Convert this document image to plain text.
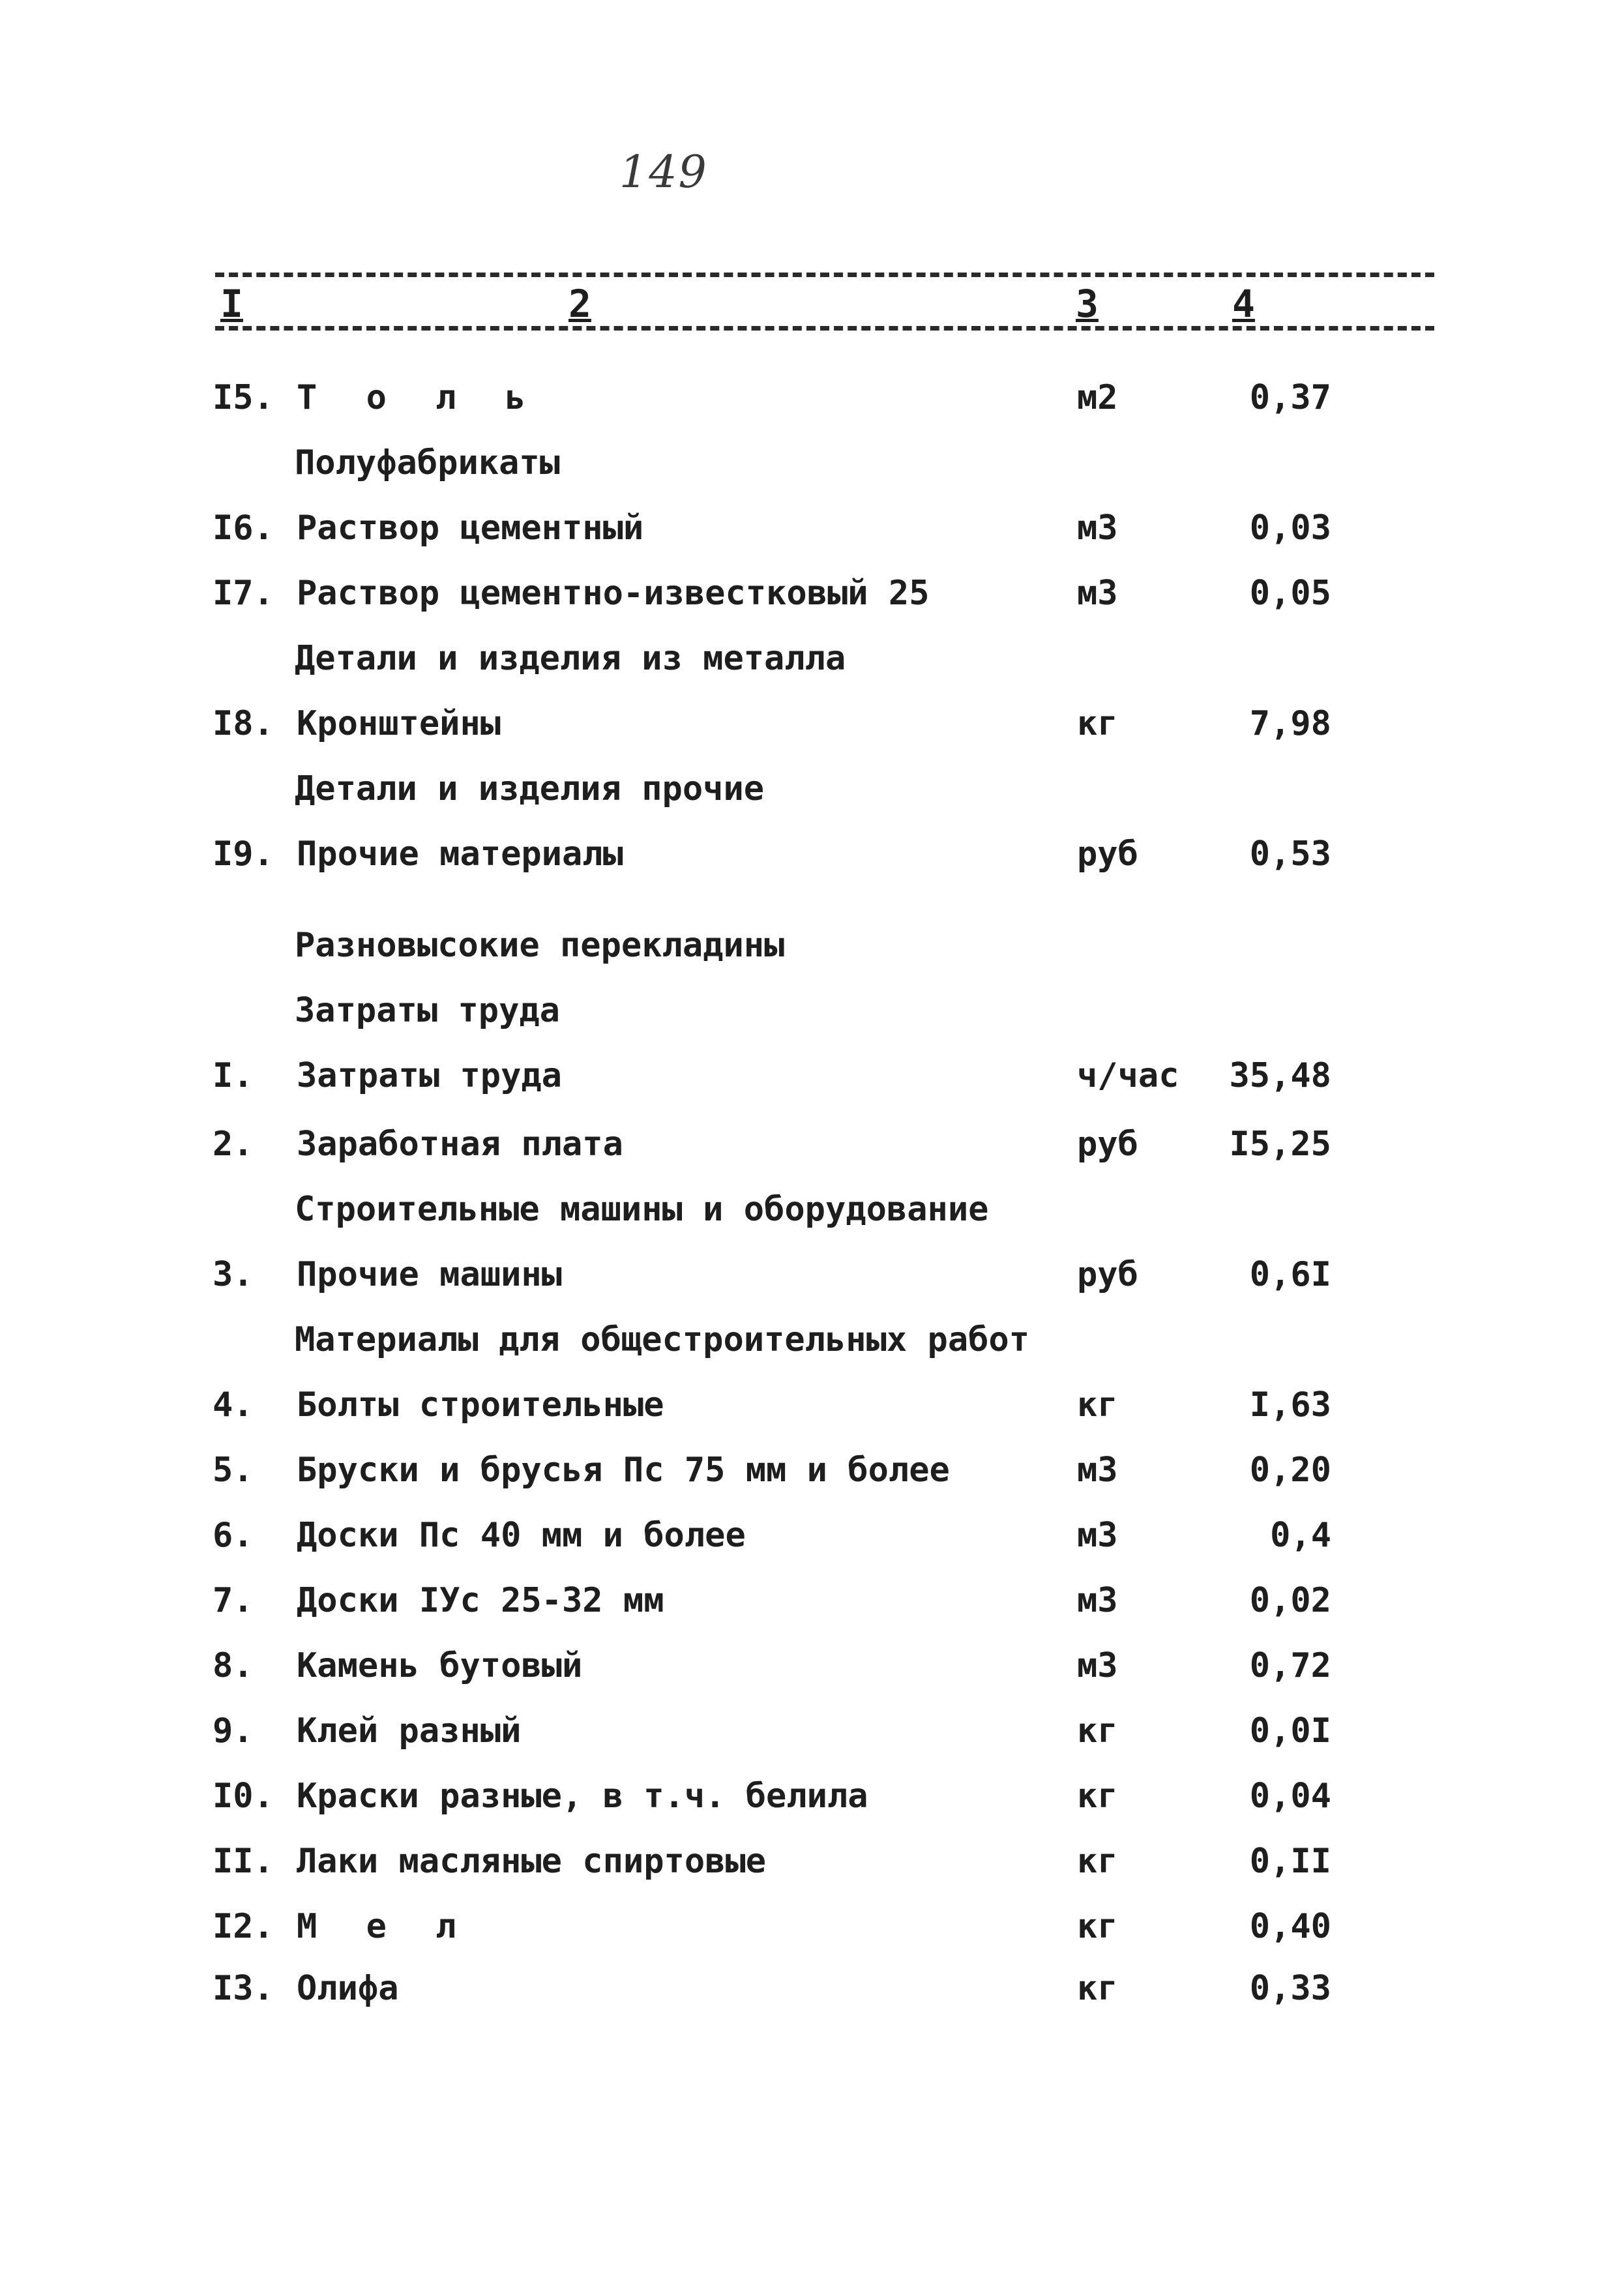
149
I	2	3	4
I5. Т о л ь	м2	0,37
Полуфабрикаты
I6. Раствор цементный	м3	0,03
I7. Раствор цементно-известковый 25	м3	0,05
Детали и изделия из металла
I8. Кронштейны	кг	7,98
Детали и изделия прочие
I9. Прочие материалы	руб	0,53
Разновысокие перекладины
Затраты труда
I. Затраты труда	ч/час	35,48
2. Заработная плата	руб	I5,25
Строительные машины и оборудование
3. Прочие машины	руб	0,6I
Материалы для общестроительных работ
4. Болты строительные	кг	I,63
5. Бруски и брусья Пс 75 мм и более	м3	0,20
6. Доски Пс 40 мм и более	м3	0,4
7. Доски IУс 25-32 мм	м3	0,02
8. Камень бутовый	м3	0,72
9. Клей разный	кг	0,0I
I0. Краски разные, в т.ч. белила	кг	0,04
II. Лаки масляные спиртовые	кг	0,II
I2. М е л	кг	0,40
I3. Олифа	кг	0,33
